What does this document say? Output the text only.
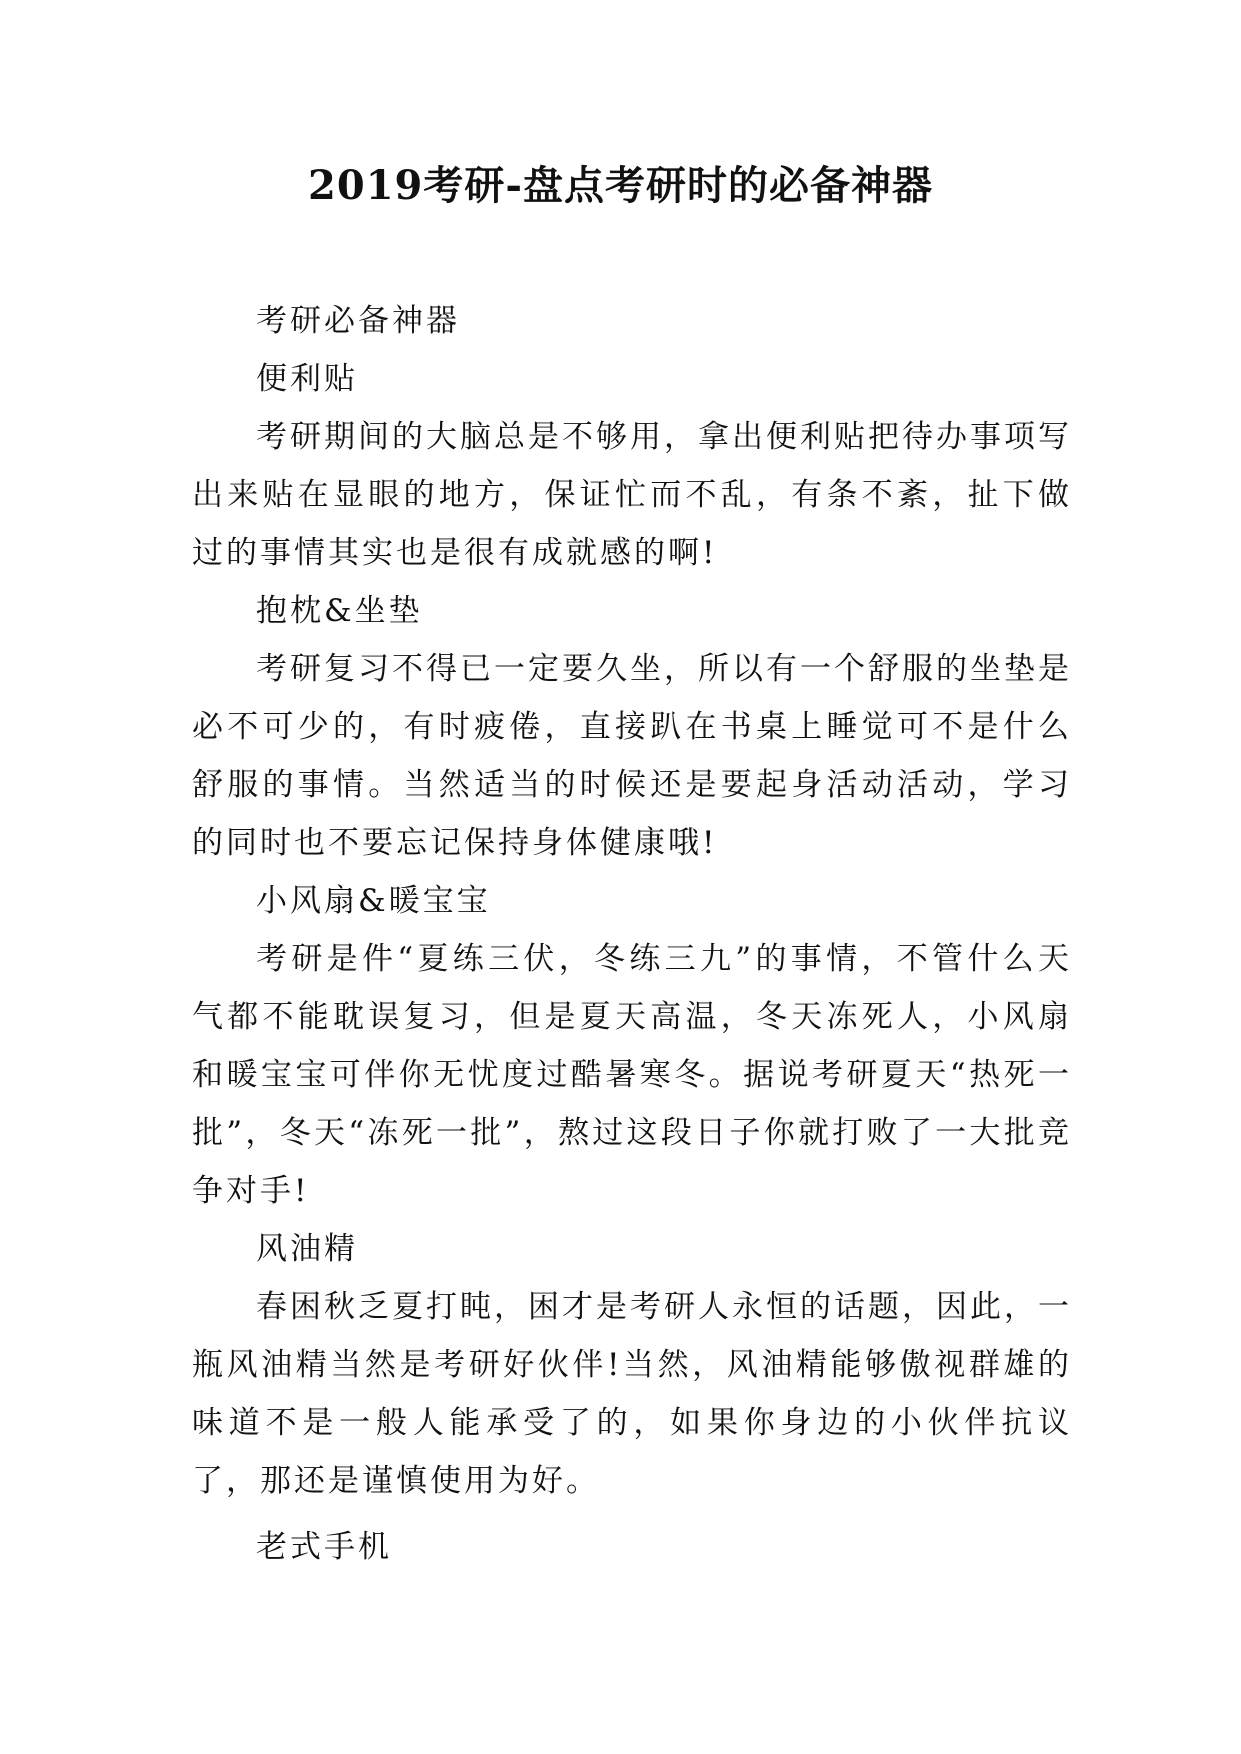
2019考研-盘点考研时的必备神器

考研必备神器

便利贴

考研期间的大脑总是不够用，拿出便利贴把待办事项写出来贴在显眼的地方，保证忙而不乱，有条不紊，扯下做过的事情其实也是很有成就感的啊!

抱枕&坐垫

考研复习不得已一定要久坐，所以有一个舒服的坐垫是必不可少的，有时疲倦，直接趴在书桌上睡觉可不是什么舒服的事情。当然适当的时候还是要起身活动活动，学习的同时也不要忘记保持身体健康哦!

小风扇&暖宝宝

考研是件“夏练三伏，冬练三九”的事情，不管什么天气都不能耽误复习，但是夏天高温，冬天冻死人，小风扇和暖宝宝可伴你无忧度过酷暑寒冬。据说考研夏天“热死一批”，冬天“冻死一批”，熬过这段日子你就打败了一大批竞争对手!

风油精

春困秋乏夏打盹，困才是考研人永恒的话题，因此，一瓶风油精当然是考研好伙伴!当然，风油精能够傲视群雄的味道不是一般人能承受了的，如果你身边的小伙伴抗议了，那还是谨慎使用为好。

老式手机
